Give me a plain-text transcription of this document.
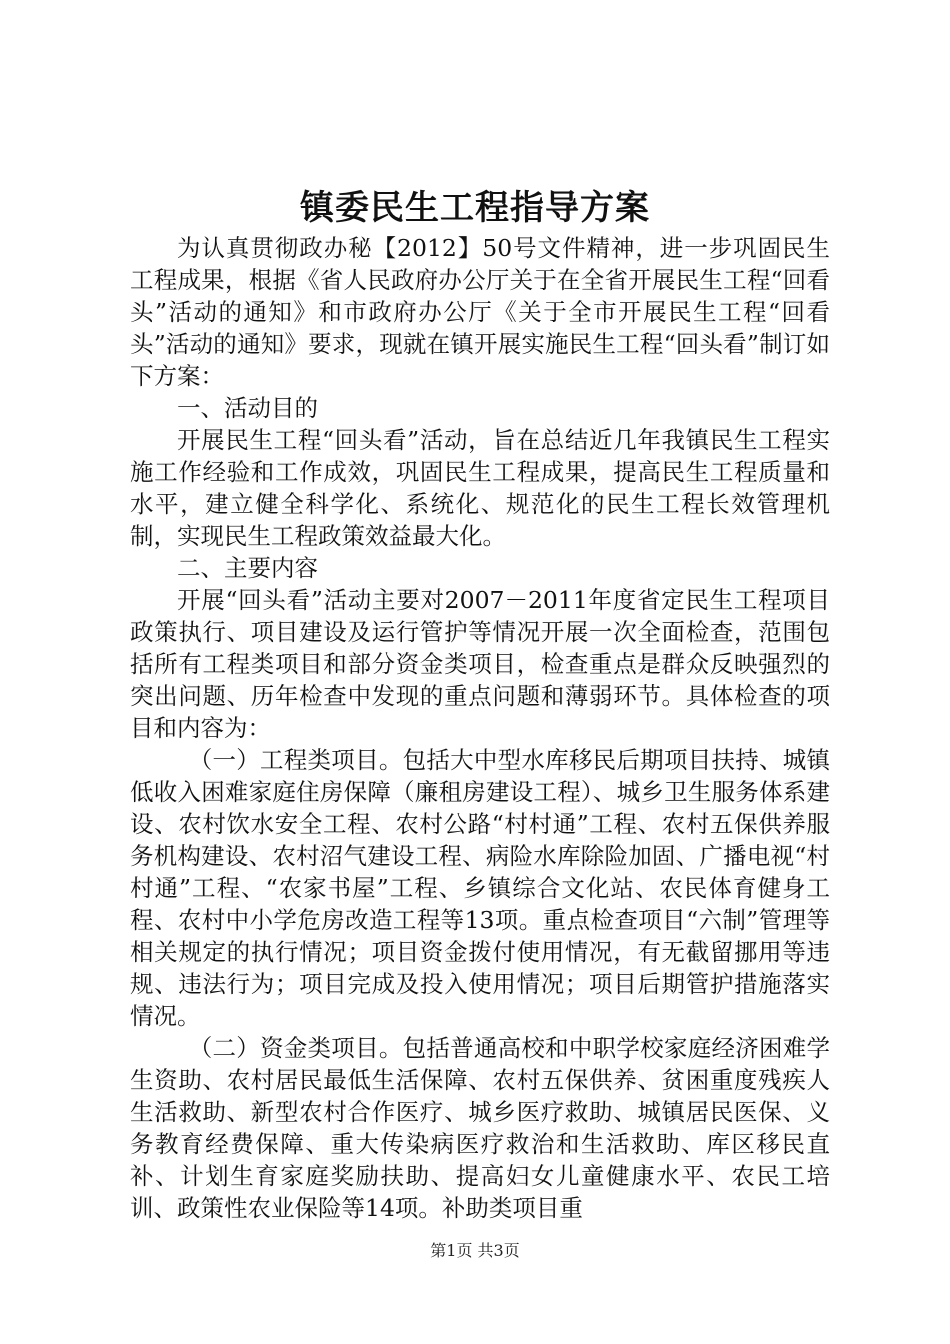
镇委民生工程指导方案

为认真贯彻政办秘【2012】50号文件精神，进一步巩固民生工程成果，根据《省人民政府办公厅关于在全省开展民生工程“回看头”活动的通知》和市政府办公厅《关于全市开展民生工程“回看头”活动的通知》要求，现就在镇开展实施民生工程“回头看”制订如下方案：

一、活动目的

开展民生工程“回头看”活动，旨在总结近几年我镇民生工程实施工作经验和工作成效，巩固民生工程成果，提高民生工程质量和水平，建立健全科学化、系统化、规范化的民生工程长效管理机制，实现民生工程政策效益最大化。

二、主要内容

开展“回头看”活动主要对2007－2011年度省定民生工程项目政策执行、项目建设及运行管护等情况开展一次全面检查，范围包括所有工程类项目和部分资金类项目，检查重点是群众反映强烈的突出问题、历年检查中发现的重点问题和薄弱环节。具体检查的项目和内容为：

（一）工程类项目。包括大中型水库移民后期项目扶持、城镇低收入困难家庭住房保障（廉租房建设工程）、城乡卫生服务体系建设、农村饮水安全工程、农村公路“村村通”工程、农村五保供养服务机构建设、农村沼气建设工程、病险水库除险加固、广播电视“村村通”工程、“农家书屋”工程、乡镇综合文化站、农民体育健身工程、农村中小学危房改造工程等13项。重点检查项目“六制”管理等相关规定的执行情况；项目资金拨付使用情况，有无截留挪用等违规、违法行为；项目完成及投入使用情况；项目后期管护措施落实情况。

（二）资金类项目。包括普通高校和中职学校家庭经济困难学生资助、农村居民最低生活保障、农村五保供养、贫困重度残疾人生活救助、新型农村合作医疗、城乡医疗救助、城镇居民医保、义务教育经费保障、重大传染病医疗救治和生活救助、库区移民直补、计划生育家庭奖励扶助、提高妇女儿童健康水平、农民工培训、政策性农业保险等14项。补助类项目重

第1页 共3页
